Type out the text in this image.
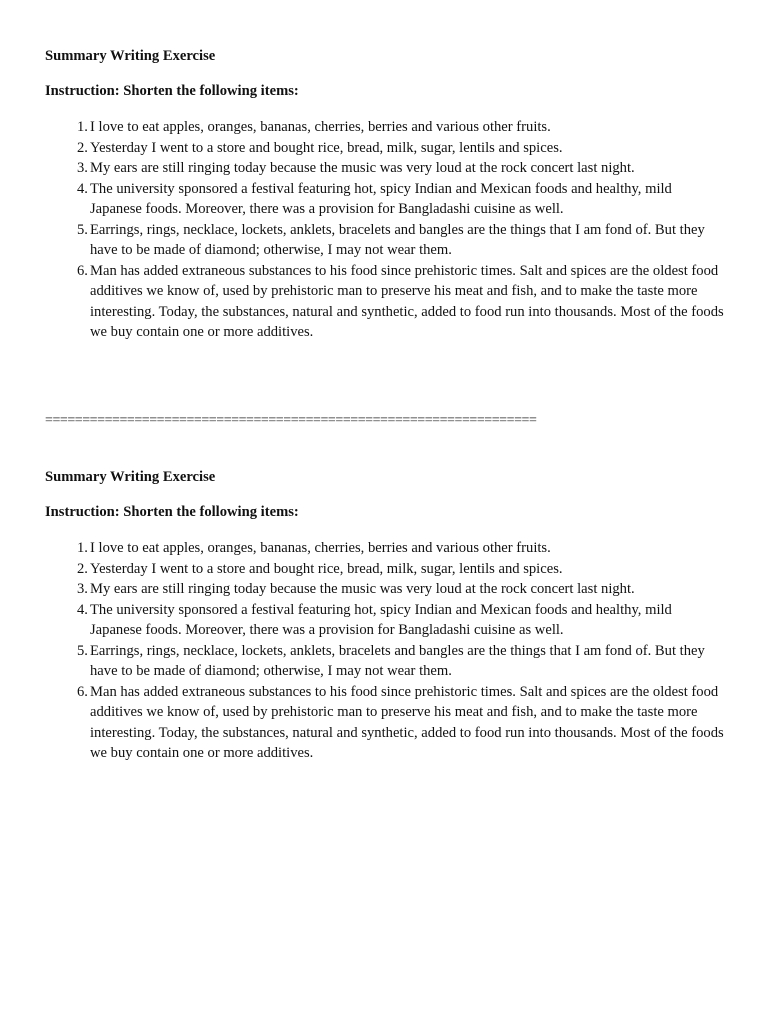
Summary Writing Exercise

Instruction: Shorten the following items:

1. I love to eat apples, oranges, bananas, cherries, berries and various other fruits.
2. Yesterday I went to a store and bought rice, bread, milk, sugar, lentils and spices.
3. My ears are still ringing today because the music was very loud at the rock concert last night.
4. The university sponsored a festival featuring hot, spicy Indian and Mexican foods and healthy, mild Japanese foods. Moreover, there was a provision for Bangladashi cuisine as well.
5. Earrings, rings, necklace, lockets, anklets, bracelets and bangles are the things that I am fond of. But they have to be made of diamond; otherwise, I may not wear them.
6. Man has added extraneous substances to his food since prehistoric times. Salt and spices are the oldest food additives we know of, used by prehistoric man to preserve his meat and fish, and to make the taste more interesting. Today, the substances, natural and synthetic, added to food run into thousands. Most of the foods we buy contain one or more additives.
==================================================================

Summary Writing Exercise

Instruction: Shorten the following items:

1. I love to eat apples, oranges, bananas, cherries, berries and various other fruits.
2. Yesterday I went to a store and bought rice, bread, milk, sugar, lentils and spices.
3. My ears are still ringing today because the music was very loud at the rock concert last night.
4. The university sponsored a festival featuring hot, spicy Indian and Mexican foods and healthy, mild Japanese foods. Moreover, there was a provision for Bangladashi cuisine as well.
5. Earrings, rings, necklace, lockets, anklets, bracelets and bangles are the things that I am fond of. But they have to be made of diamond; otherwise, I may not wear them.
6. Man has added extraneous substances to his food since prehistoric times. Salt and spices are the oldest food additives we know of, used by prehistoric man to preserve his meat and fish, and to make the taste more interesting. Today, the substances, natural and synthetic, added to food run into thousands. Most of the foods we buy contain one or more additives.
